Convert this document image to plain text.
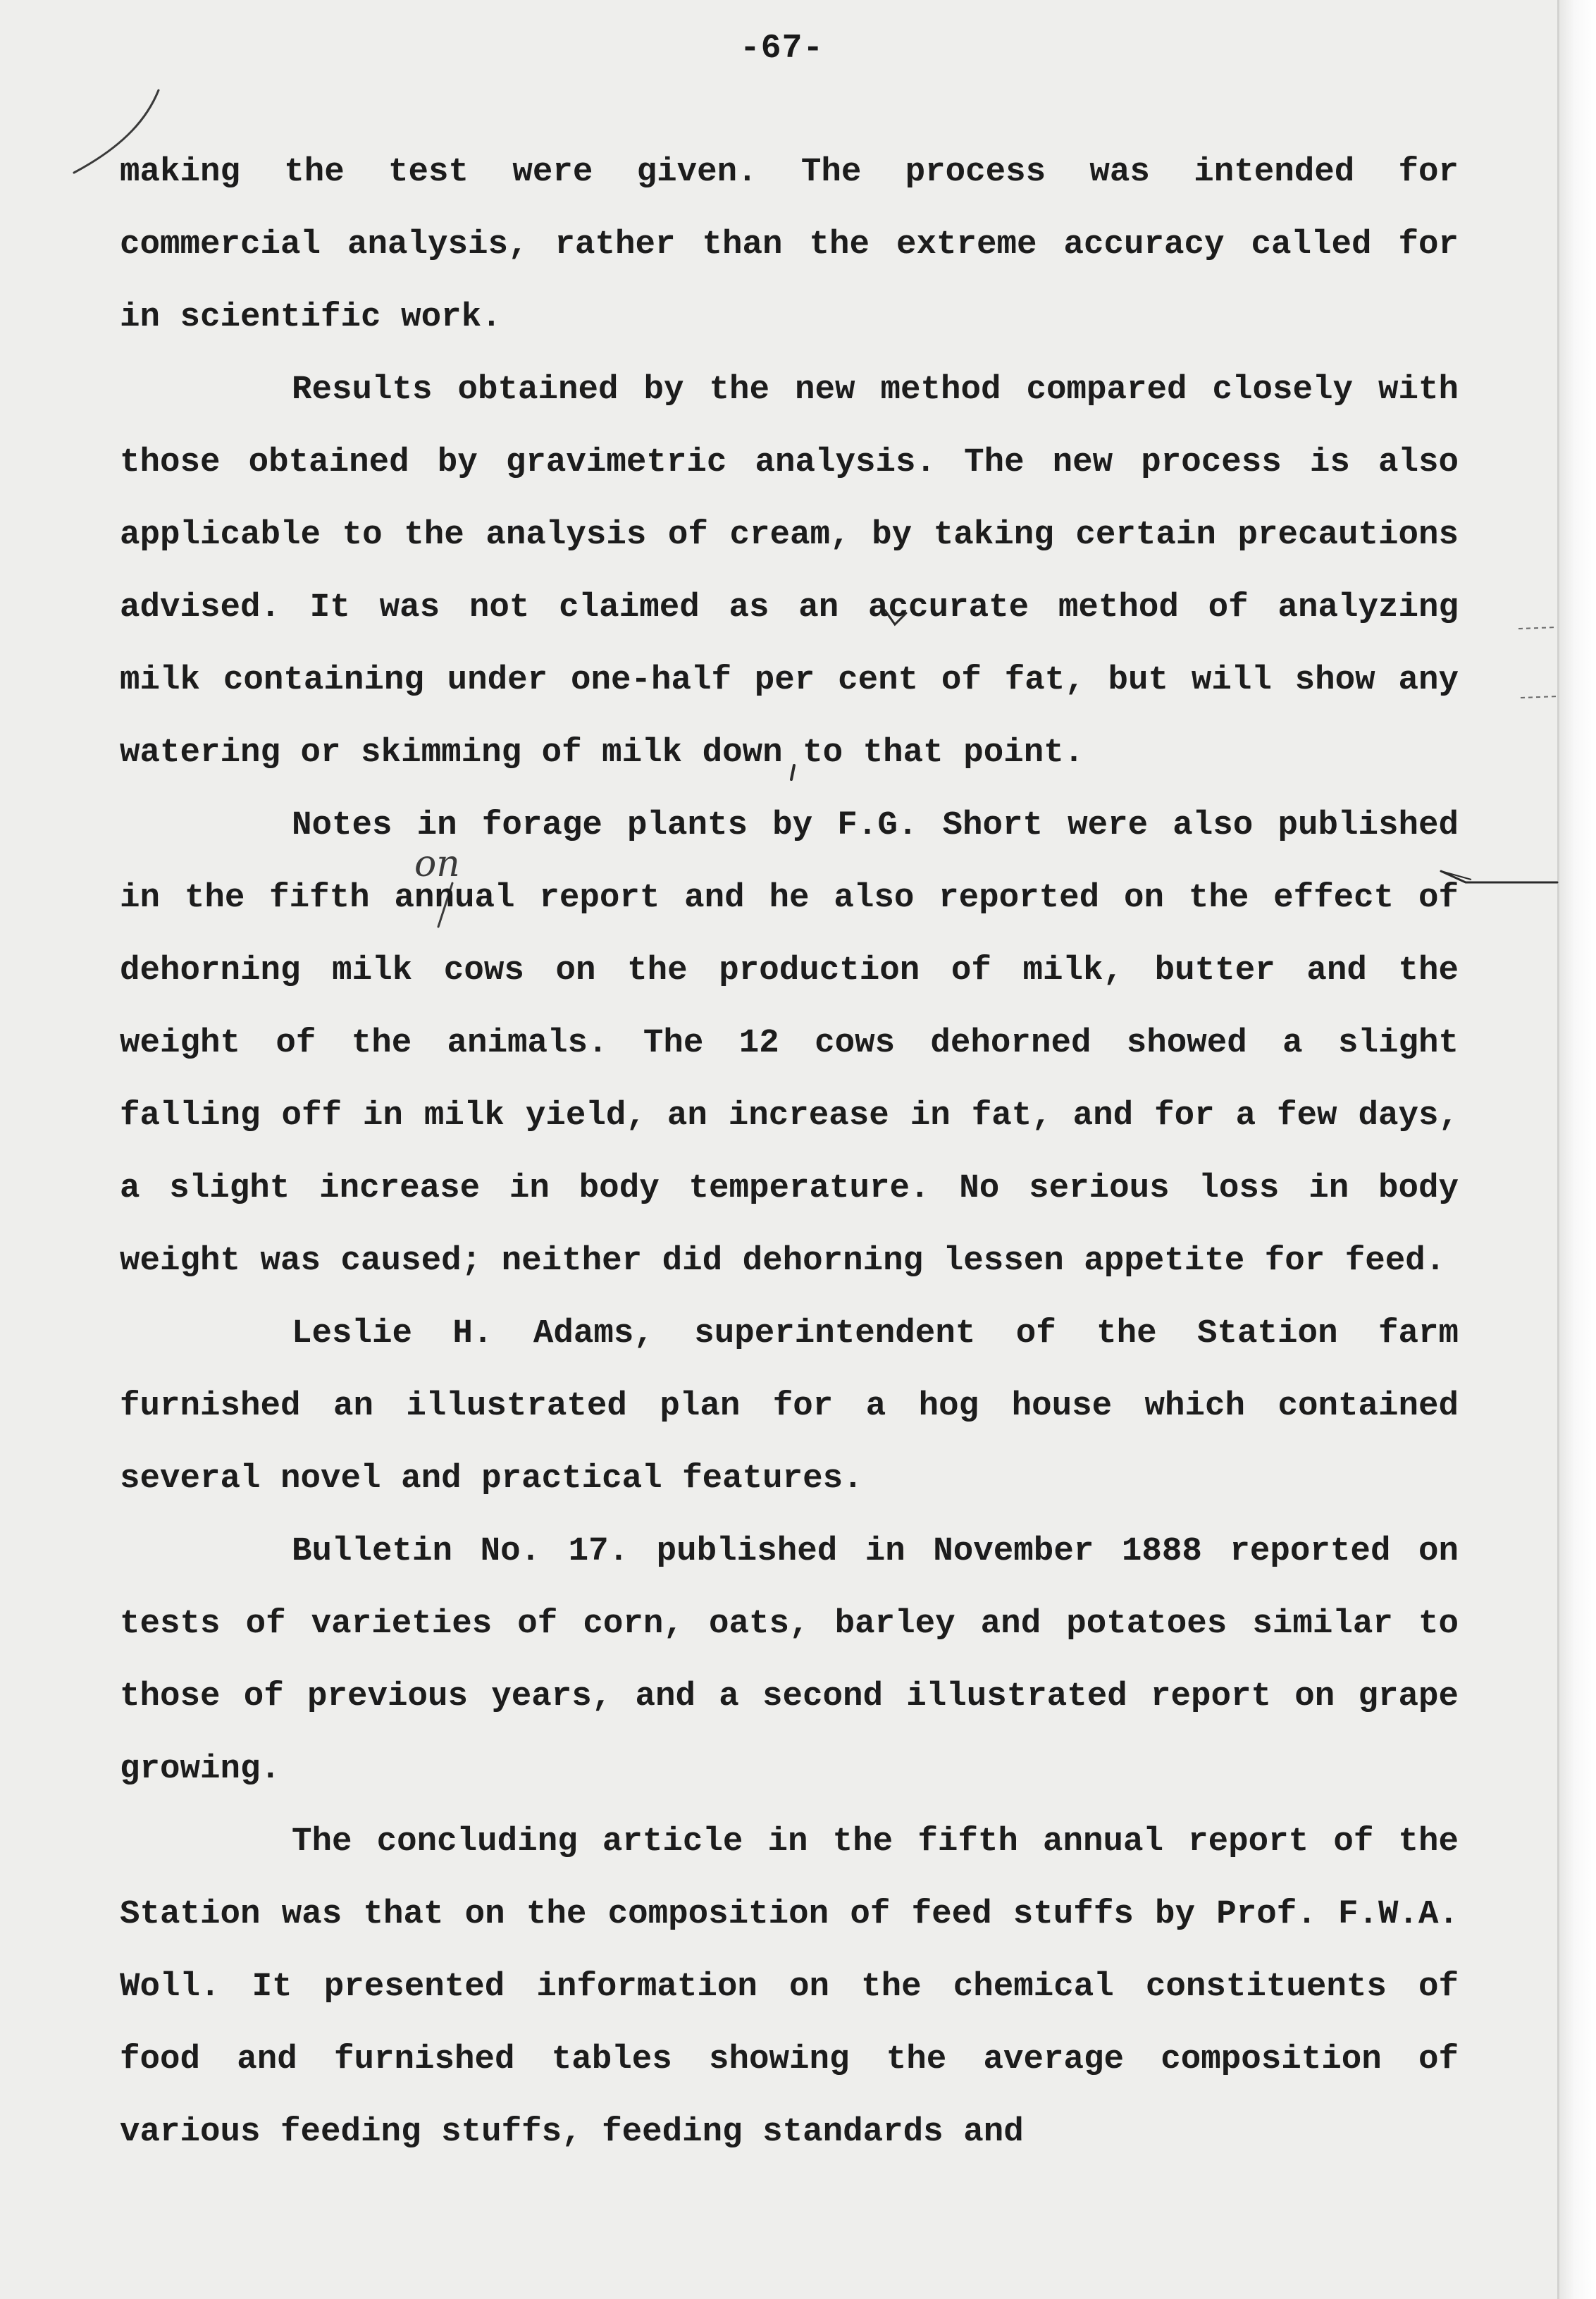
-67-
on

making the test were given. The process was intended for commercial analysis, rather than the extreme accuracy called for in scientific work.

Results obtained by the new method compared closely with those obtained by gravimetric analysis. The new process is also applicable to the analysis of cream, by taking certain precautions advised. It was not claimed as an accurate method of analyzing milk containing under one-half per cent of fat, but will show any watering or skimming of milk down to that point.

Notes in forage plants by F.G. Short were also published in the fifth annual report and he also reported on the effect of dehorning milk cows on the production of milk, butter and the weight of the animals. The 12 cows dehorned showed a slight falling off in milk yield, an increase in fat, and for a few days, a slight increase in body temperature. No serious loss in body weight was caused; neither did dehorning lessen appetite for feed.

Leslie H. Adams, superintendent of the Station farm furnished an illustrated plan for a hog house which contained several novel and practical features.

Bulletin No. 17. published in November 1888 reported on tests of varieties of corn, oats, barley and potatoes similar to those of previous years, and a second illustrated report on grape growing.

The concluding article in the fifth annual report of the Station was that on the composition of feed stuffs by Prof. F.W.A. Woll. It presented information on the chemical constituents of food and furnished tables showing the average composition of various feeding stuffs, feeding standards and
